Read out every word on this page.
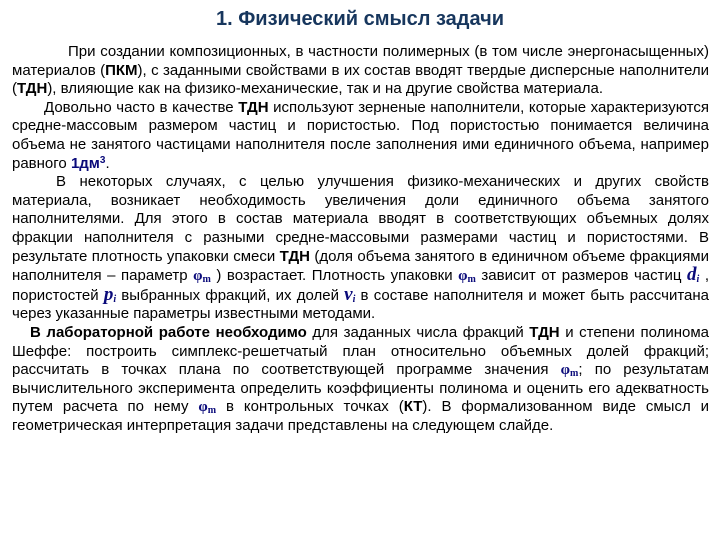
1. Физический смысл задачи

При создании композиционных, в частности полимерных (в том числе энергонасыщенных) материалов (ПКМ), с заданными свойствами в их состав вводят твердые дисперсные наполнители (ТДН), влияющие как на физико-механические, так и на другие свойства материала.

Довольно часто в качестве ТДН используют зерненые наполнители, которые характеризуются средне-массовым размером частиц и пористостью. Под пористостью понимается величина объема не занятого частицами наполнителя после заполнения ими единичного объема, например равного $1дм^3$.

В некоторых случаях, с целью улучшения физико-механических и других свойств материала, возникает необходимость увеличения доли единичного объема занятого наполнителями. Для этого в состав материала вводят в соответствующих объемных долях фракции наполнителя с разными средне-массовыми размерами частиц и пористостями. В результате плотность упаковки смеси ТДН (доля объема занятого в единичном объеме фракциями наполнителя – параметр $\varphi_m$ ) возрастает. Плотность упаковки $\varphi_m$ зависит от размеров частиц $d_i$ , пористостей $p_i$ выбранных фракций, их долей $v_i$ в составе наполнителя и может быть рассчитана через указанные параметры известными методами.

В лабораторной работе необходимо для заданных числа фракций ТДН и степени полинома Шеффе: построить симплекс-решетчатый план относительно объемных долей фракций; рассчитать в точках плана по соответствующей программе значения $\varphi_m$; по результатам вычислительного эксперимента определить коэффициенты полинома и оценить его адекватность путем расчета по нему $\varphi_m$ в контрольных точках (КТ). В формализованном виде смысл и геометрическая интерпретация задачи представлены на следующем слайде.
